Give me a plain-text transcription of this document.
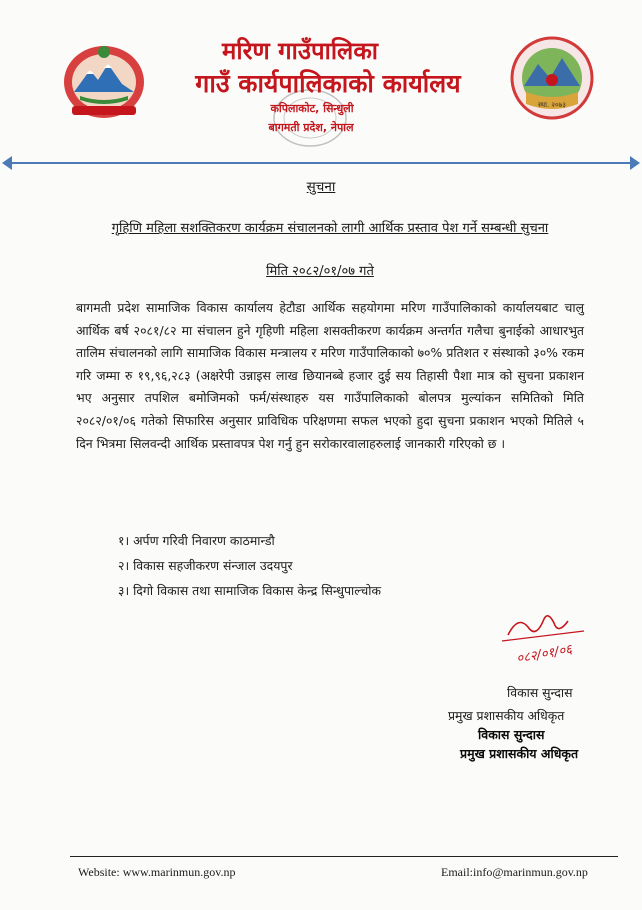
स्था. २०७३
मरिण गाउँपालिका
गाउँ कार्यपालिकाको कार्यालय
कपिलाकोट, सिन्धुली
बागमती प्रदेश, नेपाल
सुचना
गृहिणि महिला सशक्तिकरण कार्यक्रम संचालनको लागी आर्थिक प्रस्ताव पेश गर्ने सम्बन्धी सुचना
मिति २०८२/०१/०७ गते
बागमती प्रदेश सामाजिक विकास कार्यालय हेटौडा आर्थिक सहयोगमा मरिण गाउँपालिकाको कार्यालयबाट चालु आर्थिक बर्ष २०८१/८२ मा संचालन हुने गृहिणी महिला शसक्तीकरण कार्यक्रम अन्तर्गत गलैचा बुनाईको आधारभुत तालिम संचालनको लागि सामाजिक विकास मन्त्रालय र मरिण गाउँपालिकाको ७०% प्रतिशत र संस्थाको ३०% रकम गरि जम्मा रु १९,९६,२८३ (अक्षरेपी उन्नाइस लाख छियानब्बे हजार दुई सय तिहासी पैशा मात्र को सुचना प्रकाशन भए अनुसार तपशिल बमोजिमको फर्म/संस्थाहरु यस गाउँपालिकाको बोलपत्र मुल्यांकन समितिको मिति २०८२/०१/०६ गतेको सिफारिस अनुसार प्राविधिक परिक्षणमा सफल भएको हुदा सुचना प्रकाशन भएको मितिले ५ दिन भित्रमा सिलवन्दी आर्थिक प्रस्तावपत्र पेश गर्नु हुन सरोकारवालाहरुलाई जानकारी गरिएको छ ।
१। अर्पण गरिवी निवारण काठमान्डौ
२। विकास सहजीकरण संन्जाल उदयपुर
३। दिगो विकास तथा सामाजिक विकास केन्द्र सिन्धुपाल्चोक
०८२/०१/०६
विकास सुन्दास
प्रमुख प्रशासकीय अधिकृत
विकास सुन्दास
प्रमुख प्रशासकीय अधिकृत
Website: www.marinmun.gov.np	Email:info@marinmun.gov.np
